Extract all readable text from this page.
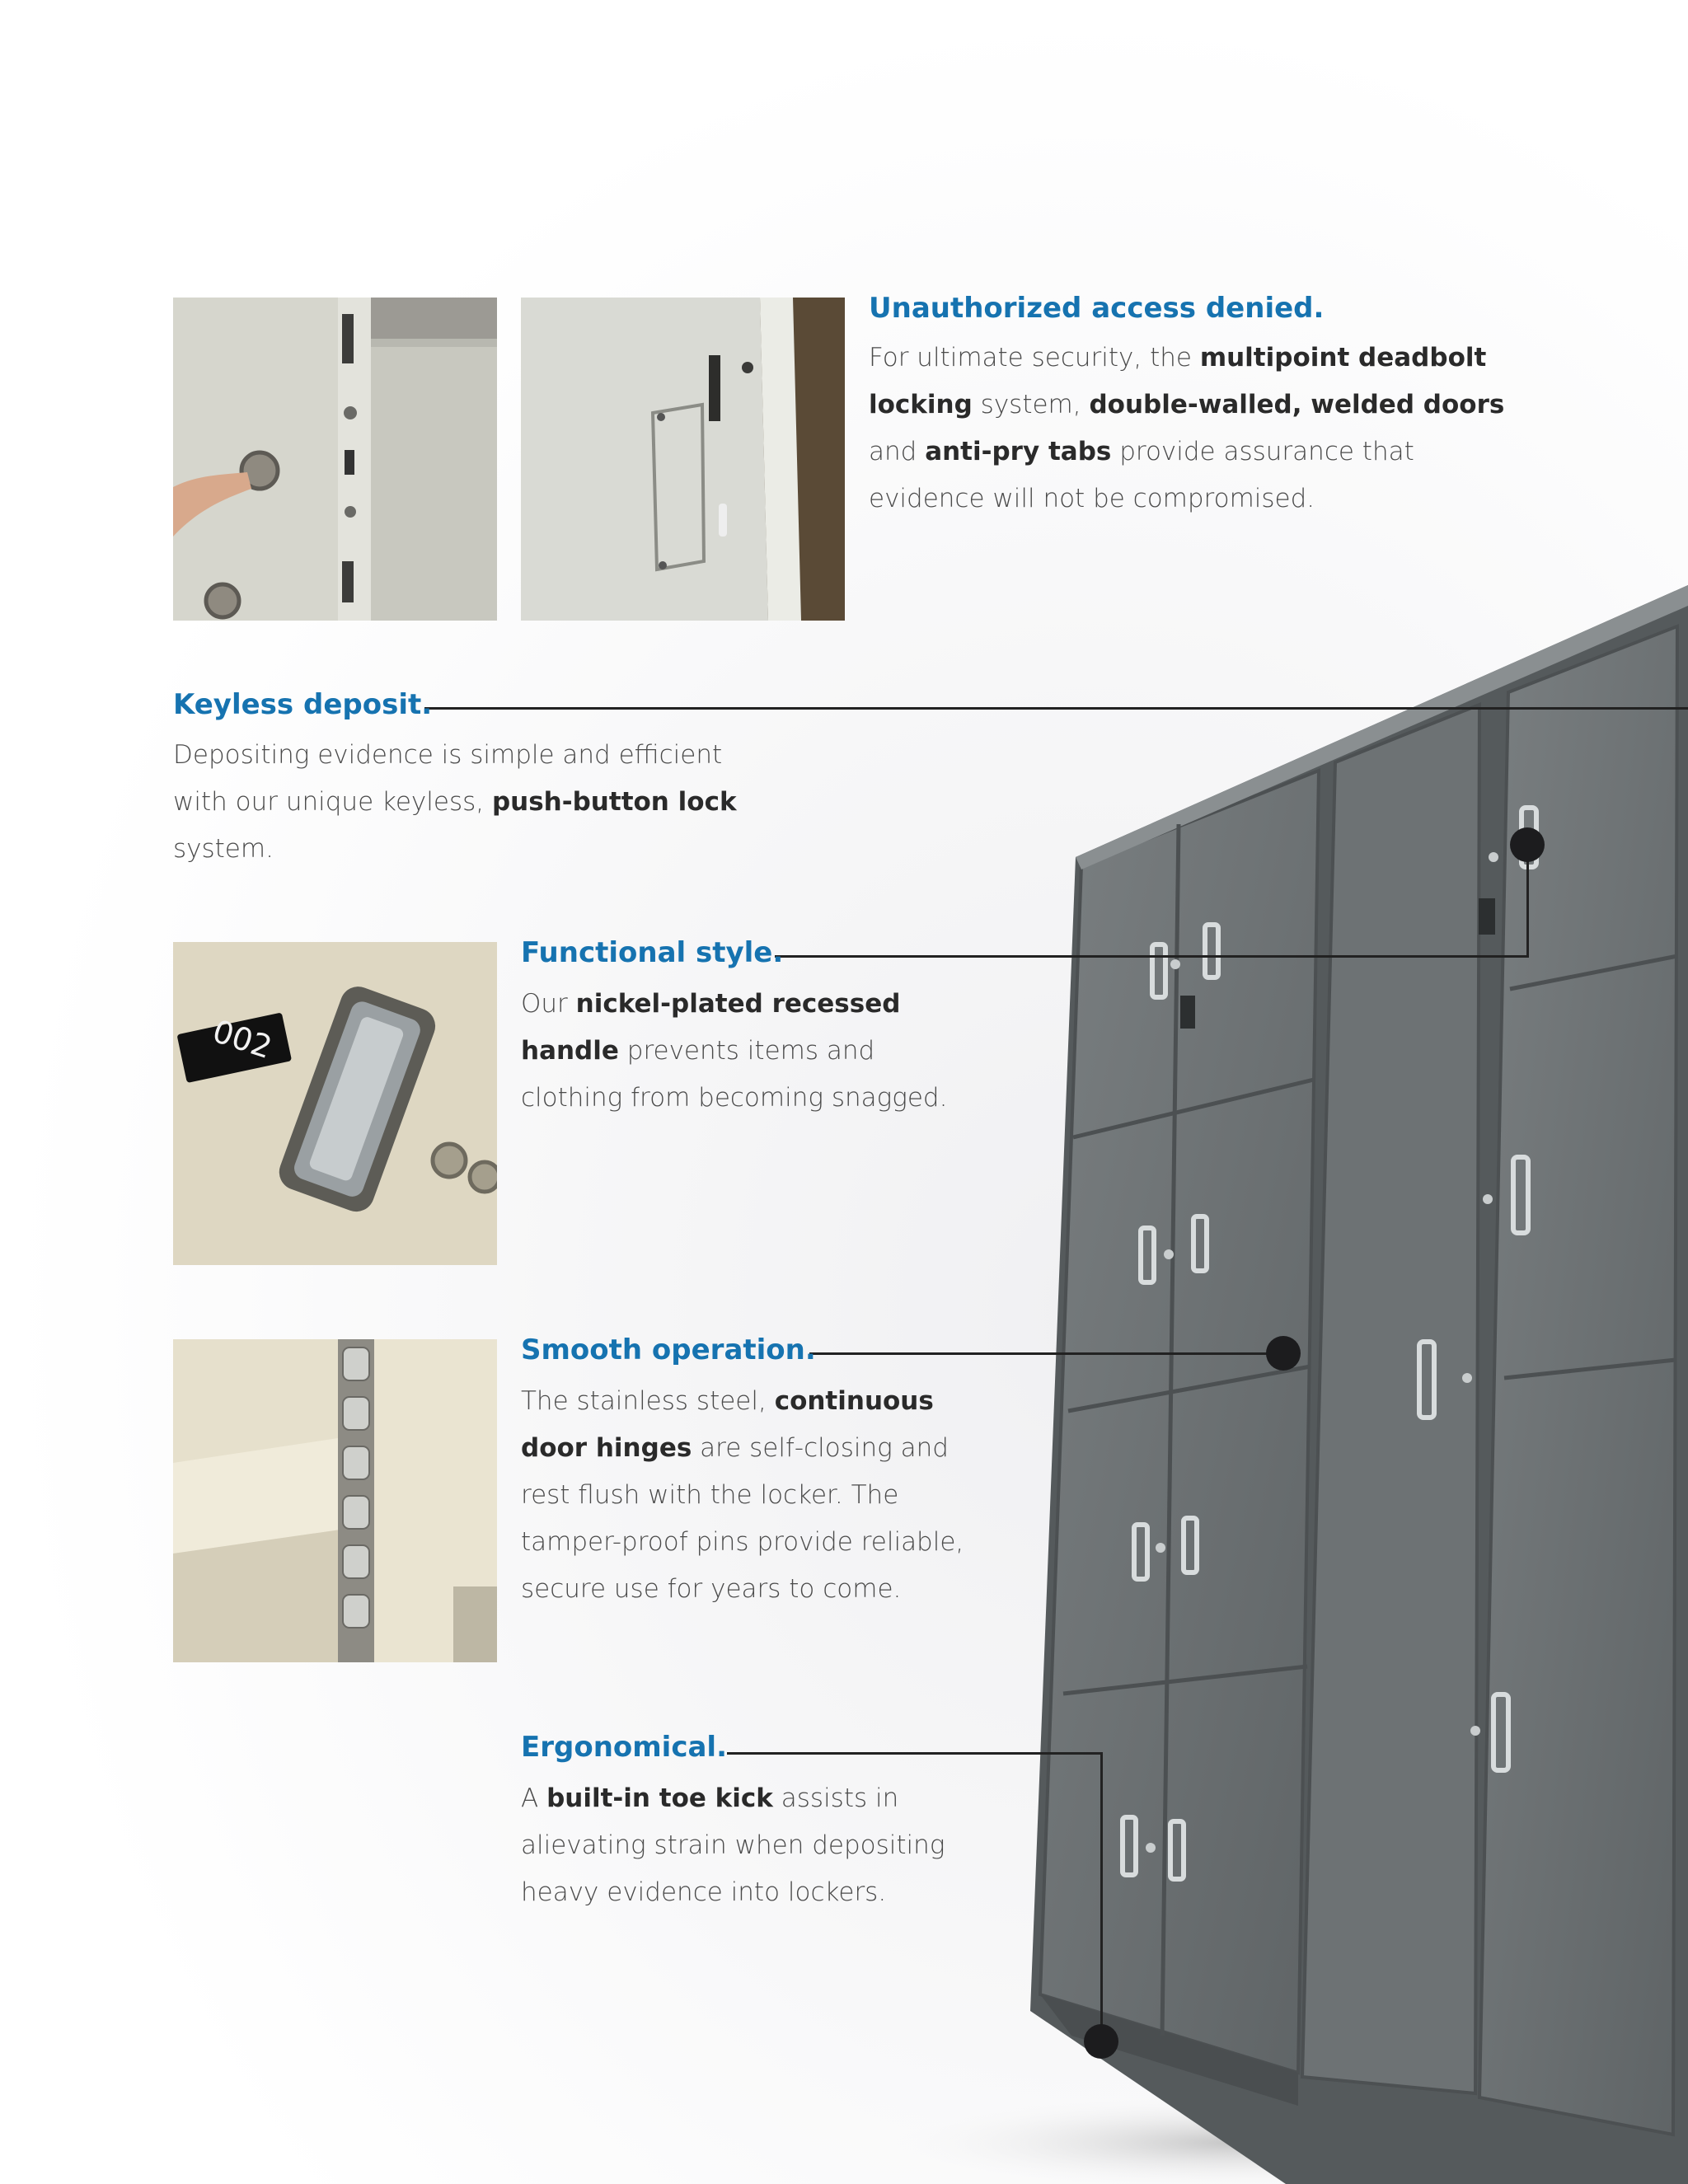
002
Unauthorized access denied.

For ultimate security, the multipoint deadbolt locking system, double-walled, welded doors and anti-pry tabs provide assurance that evidence will not be compromised.

Keyless deposit.

Depositing evidence is simple and efficient with our unique keyless, push-button lock system.

Functional style.

Our nickel-plated recessed handle prevents items and clothing from becoming snagged.

Smooth operation.

The stainless steel, continuous door hinges are self-closing and rest flush with the locker. The tamper-proof pins provide reliable, secure use for years to come.

Ergonomical.

A built-in toe kick assists in alievating strain when depositing heavy evidence into lockers.
